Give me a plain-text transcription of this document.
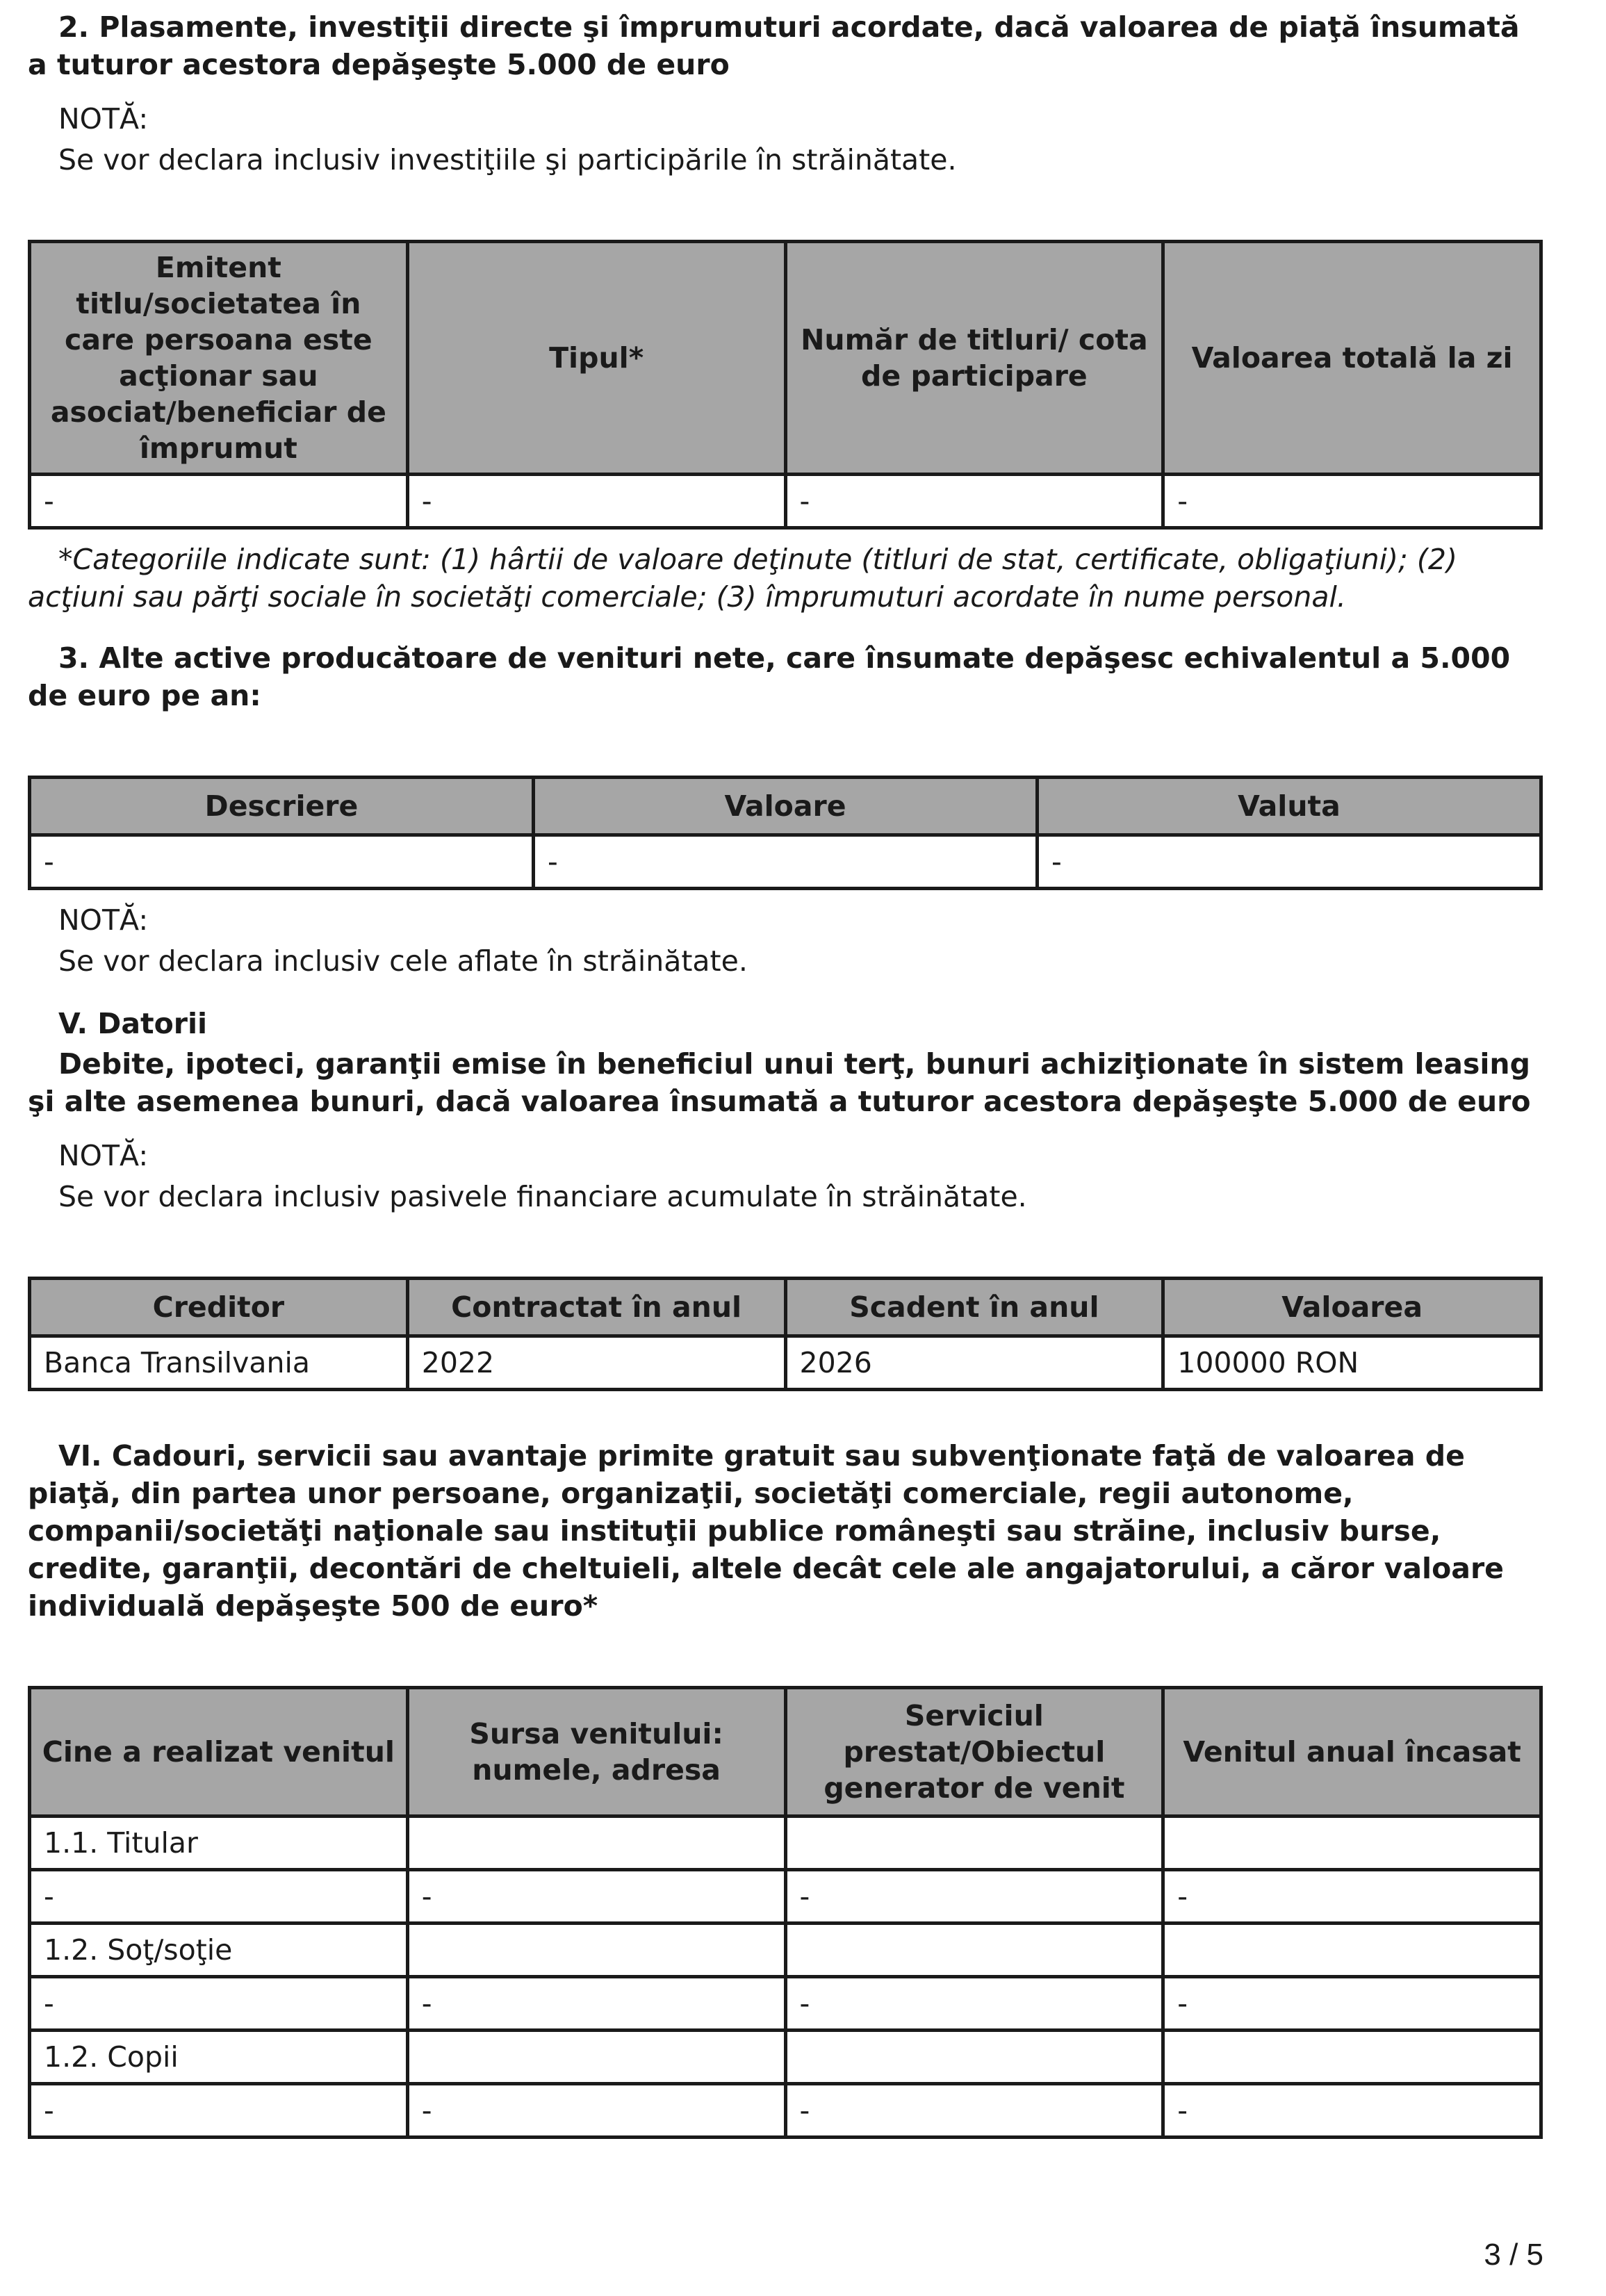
2. Plasamente, investiţii directe şi împrumuturi acordate, dacă valoarea de piaţă însumată a tuturor acestora depăşeşte 5.000 de euro

NOTĂ:

Se vor declara inclusiv investiţiile şi participările în străinătate.

Emitent titlu/societatea în care persoana este acţionar sau asociat/beneficiar de împrumut	Tipul*	Număr de titluri/ cota de participare	Valoarea totală la zi
-	-	-	-

*Categoriile indicate sunt: (1) hârtii de valoare deţinute (titluri de stat, certificate, obligaţiuni); (2) acţiuni sau părţi sociale în societăţi comerciale; (3) împrumuturi acordate în nume personal.

3. Alte active producătoare de venituri nete, care însumate depăşesc echivalentul a 5.000 de euro pe an:

Descriere	Valoare	Valuta
-	-	-

NOTĂ:

Se vor declara inclusiv cele aflate în străinătate.

V. Datorii

Debite, ipoteci, garanţii emise în beneficiul unui terţ, bunuri achiziţionate în sistem leasing şi alte asemenea bunuri, dacă valoarea însumată a tuturor acestora depăşeşte 5.000 de euro

NOTĂ:

Se vor declara inclusiv pasivele financiare acumulate în străinătate.

Creditor	Contractat în anul	Scadent în anul	Valoarea
Banca Transilvania	2022	2026	100000 RON

VI. Cadouri, servicii sau avantaje primite gratuit sau subvenţionate faţă de valoarea de piaţă, din partea unor persoane, organizaţii, societăţi comerciale, regii autonome, companii/societăţi naţionale sau instituţii publice româneşti sau străine, inclusiv burse, credite, garanţii, decontări de cheltuieli, altele decât cele ale angajatorului, a căror valoare individuală depăşeşte 500 de euro*

Cine a realizat venitul	Sursa venitului: numele, adresa	Serviciul prestat/Obiectul generator de venit	Venitul anual încasat
1.1. Titular			
-	-	-	-
1.2. Soţ/soţie			
-	-	-	-
1.2. Copii			
-	-	-	-
3 / 5
